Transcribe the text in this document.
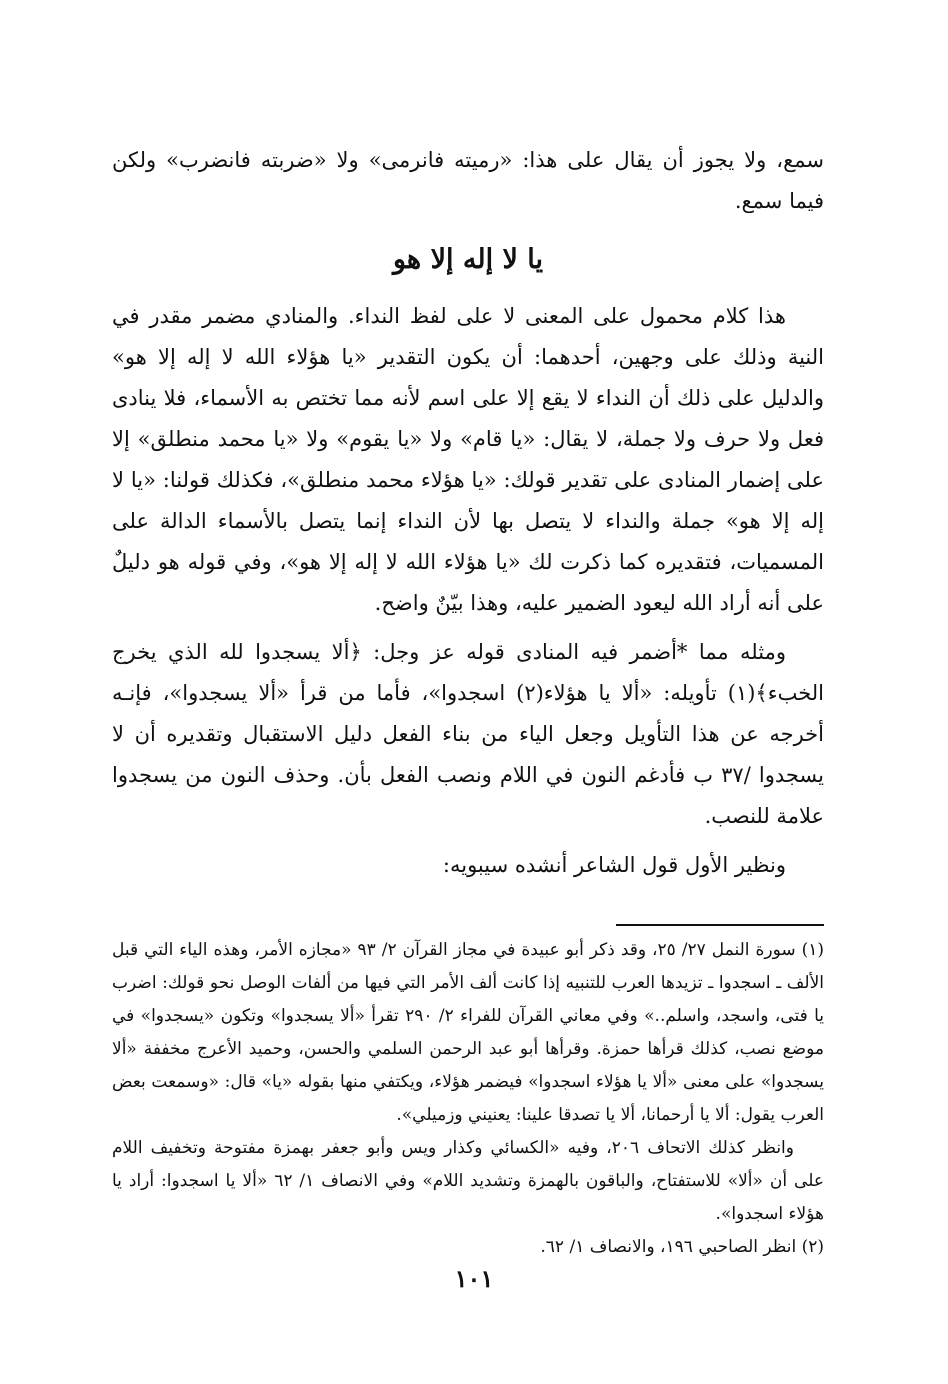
سمع، ولا يجوز أن يقال على هذا: «رميته فانرمى» ولا «ضربته فانضرب» ولكن فيما سمع.

يا لا إله إلا هو

هذا كلام محمول على المعنى لا على لفظ النداء. والمنادي مضمر مقدر في النية وذلك على وجهين، أحدهما: أن يكون التقدير «يا هؤلاء الله لا إله إلا هو» والدليل على ذلك أن النداء لا يقع إلا على اسم لأنه مما تختص به الأسماء، فلا ينادى فعل ولا حرف ولا جملة، لا يقال: «يا قام» ولا «يا يقوم» ولا «يا محمد منطلق» إلا على إضمار المنادى على تقدير قولك: «يا هؤلاء محمد منطلق»، فكذلك قولنا: «يا لا إله إلا هو» جملة والنداء لا يتصل بها لأن النداء إنما يتصل بالأسماء الدالة على المسميات، فتقديره كما ذكرت لك «يا هؤلاء الله لا إله إلا هو»، وفي قوله هو دليلٌ على أنه أراد الله ليعود الضمير عليه، وهذا بيّنٌ واضح.

ومثله مما *أضمر فيه المنادى قوله عز وجل: ﴿ألا يسجدوا لله الذي يخرج الخبء﴾(١) تأويله: «ألا يا هؤلاء(٢) اسجدوا»، فأما من قرأ «ألا يسجدوا»، فإنـه أخرجه عن هذا التأويل وجعل الياء من بناء الفعل دليل الاستقبال وتقديره أن لا يسجدوا /٣٧ ب فأدغم النون في اللام ونصب الفعل بأن. وحذف النون من يسجدوا علامة للنصب.

ونظير الأول قول الشاعر أنشده سيبويه:

(١) سورة النمل ٢٧/ ٢٥، وقد ذكر أبو عبيدة في مجاز القرآن ٢/ ٩٣ «مجازه الأمر، وهذه الياء التي قبل الألف ـ اسجدوا ـ تزيدها العرب للتنبيه إذا كانت ألف الأمر التي فيها من ألفات الوصل نحو قولك: اضرب يا فتى، واسجد، واسلم..» وفي معاني القرآن للفراء ٢/ ٢٩٠ تقرأ «ألا يسجدوا» وتكون «يسجدوا» في موضع نصب، كذلك قرأها حمزة. وقرأها أبو عبد الرحمن السلمي والحسن، وحميد الأعرج مخففة «ألا يسجدوا» على معنى «ألا يا هؤلاء اسجدوا» فيضمر هؤلاء، ويكتفي منها بقوله «يا» قال: «وسمعت بعض العرب يقول: ألا يا أرحمانا، ألا يا تصدقا علينا: يعنيني وزميلي».

وانظر كذلك الاتحاف ٢٠٦، وفيه «الكسائي وكذار ويس وأبو جعفر بهمزة مفتوحة وتخفيف اللام على أن «ألا» للاستفتاح، والباقون بالهمزة وتشديد اللام» وفي الانصاف ١/ ٦٢ «ألا يا اسجدوا: أراد يا هؤلاء اسجدوا».

(٢) انظر الصاحبي ١٩٦، والانصاف ١/ ٦٢.

١٠١
